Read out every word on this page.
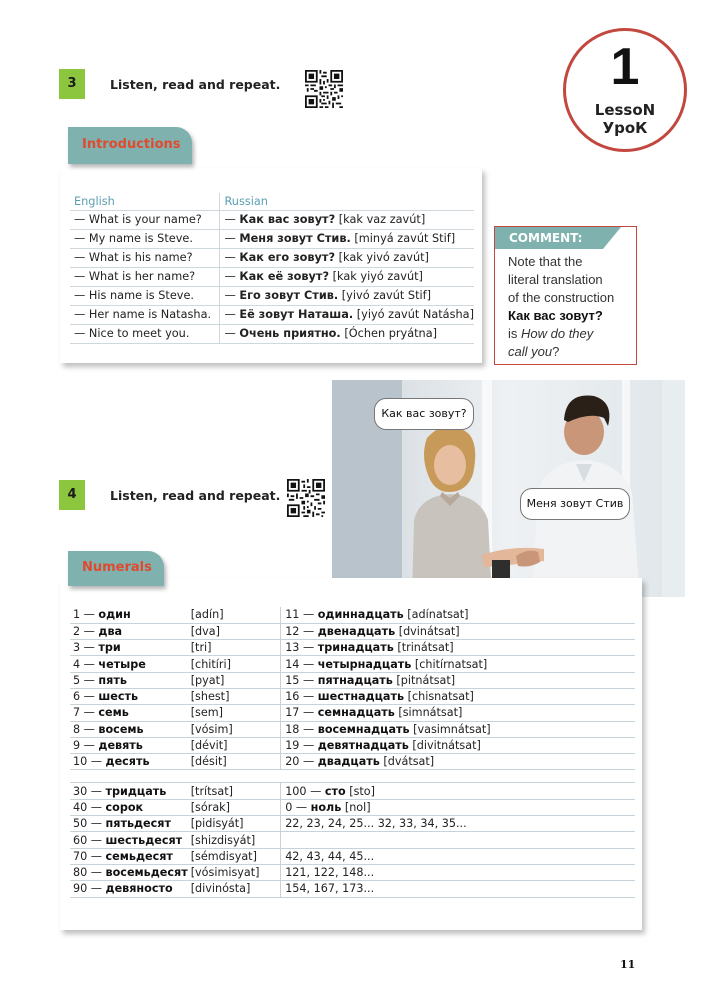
1
LessoN
УроК
3	Listen, read and repeat.
Introductions
English	Russian
— What is your name?	— Как вас зовут? [kak vaz zavút]
— My name is Steve.	— Меня зовут Стив. [minyá zavút Stif]
— What is his name?	— Как его зовут? [kak yivó zavút]
— What is her name?	— Как её зовут? [kak yiyó zavút]
— His name is Steve.	— Его зовут Стив. [yivó zavút Stif]
— Her name is Natasha.	— Её зовут Наташа. [yiyó zavút Natásha]
— Nice to meet you.	— Очень приятно. [Óchen pryátna]
COMMENT:
Note that the
literal translation
of the construction
Как вас зовут?
is How do they
call you?
Как вас зовут?
Меня зовут Стив
4	Listen, read and repeat.
Numerals
1 — один	[adín]	11 — одиннадцать [adínatsat]
2 — два	[dva]	12 — двенадцать [dvinátsat]
3 — три	[tri]	13 — тринадцать [trinátsat]
4 — четыре	[chitíri]	14 — четырнадцать [chitírnatsat]
5 — пять	[pyat]	15 — пятнадцать [pitnátsat]
6 — шесть	[shest]	16 — шестнадцать [chisnatsat]
7 — семь	[sem]	17 — семнадцать [simnátsat]
8 — восемь	[vósim]	18 — восемнадцать [vasimnátsat]
9 — девять	[dévit]	19 — девятнадцать [divitnátsat]
10 — десять	[désit]	20 — двадцать [dvátsat]

30 — тридцать	[trítsat]	100 — сто [sto]
40 — сорок	[sórak]	0 — ноль [nol]
50 — пятьдесят	[pidisyát]	22, 23, 24, 25... 32, 33, 34, 35...
60 — шестьдесят	[shizdisyát]	
70 — семьдесят	[sémdisyat]	42, 43, 44, 45...
80 — восемьдесят	[vósimisyat]	121, 122, 148...
90 — девяносто	[divinósta]	154, 167, 173...
11
